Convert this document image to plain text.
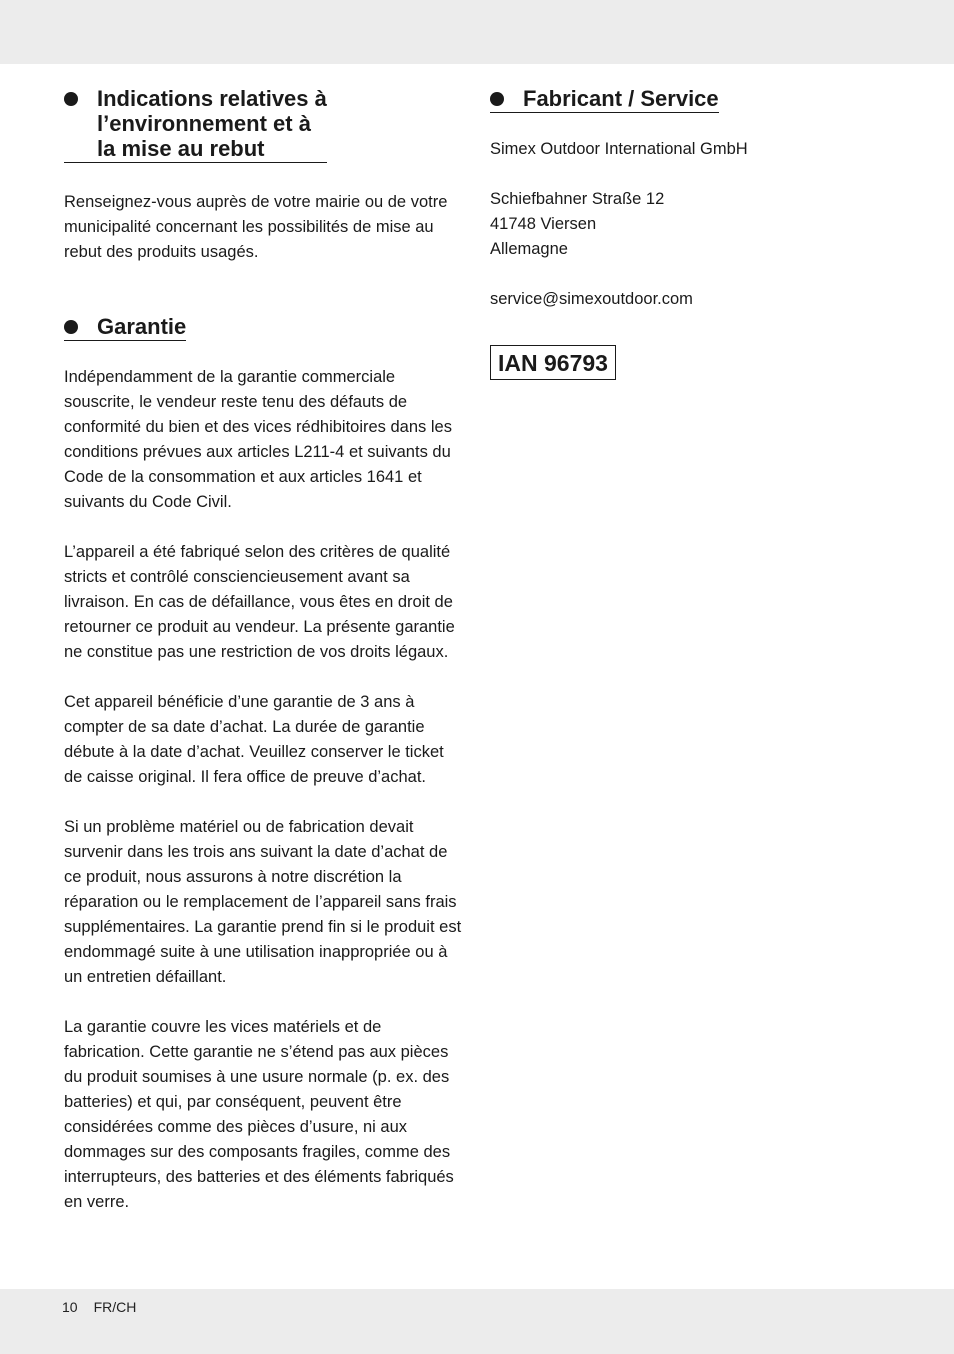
Indications relatives à
l’environnement et à
la mise au rebut

Renseignez-vous auprès de votre mairie ou de votre municipalité concernant les possibilités de mise au rebut des produits usagés.

Garantie

Indépendamment de la garantie commerciale souscrite, le vendeur reste tenu des défauts de conformité du bien et des vices rédhibitoires dans les conditions prévues aux articles L211-4 et suivants du Code de la consommation et aux articles 1641 et suivants du Code Civil.

L’appareil a été fabriqué selon des critères de qualité stricts et contrôlé consciencieusement avant sa livraison. En cas de défaillance, vous êtes en droit de retourner ce produit au vendeur. La présente garantie ne constitue pas une restriction de vos droits légaux.

Cet appareil bénéficie d’une garantie de 3 ans à compter de sa date d’achat. La durée de garantie débute à la date d’achat. Veuillez conserver le ticket de caisse original. Il fera office de preuve d’achat.

Si un problème matériel ou de fabrication devait survenir dans les trois ans suivant la date d’achat de ce produit, nous assurons à notre discrétion la réparation ou le remplacement de l’appareil sans frais supplémentaires. La garantie prend fin si le produit est endommagé suite à une utilisation inappropriée ou à un entretien défaillant.

La garantie couvre les vices matériels et de fabrication. Cette garantie ne s’étend pas aux pièces du produit soumises à une usure normale (p. ex. des batteries) et qui, par conséquent, peuvent être considérées comme des pièces d’usure, ni aux dommages sur des composants fragiles, comme des interrupteurs, des batteries et des éléments fabriqués en verre.

Fabricant / Service

Simex Outdoor International GmbH

Schiefbahner Straße 12

41748 Viersen

Allemagne

service@simexoutdoor.com

IAN 96793
10 FR/CH
